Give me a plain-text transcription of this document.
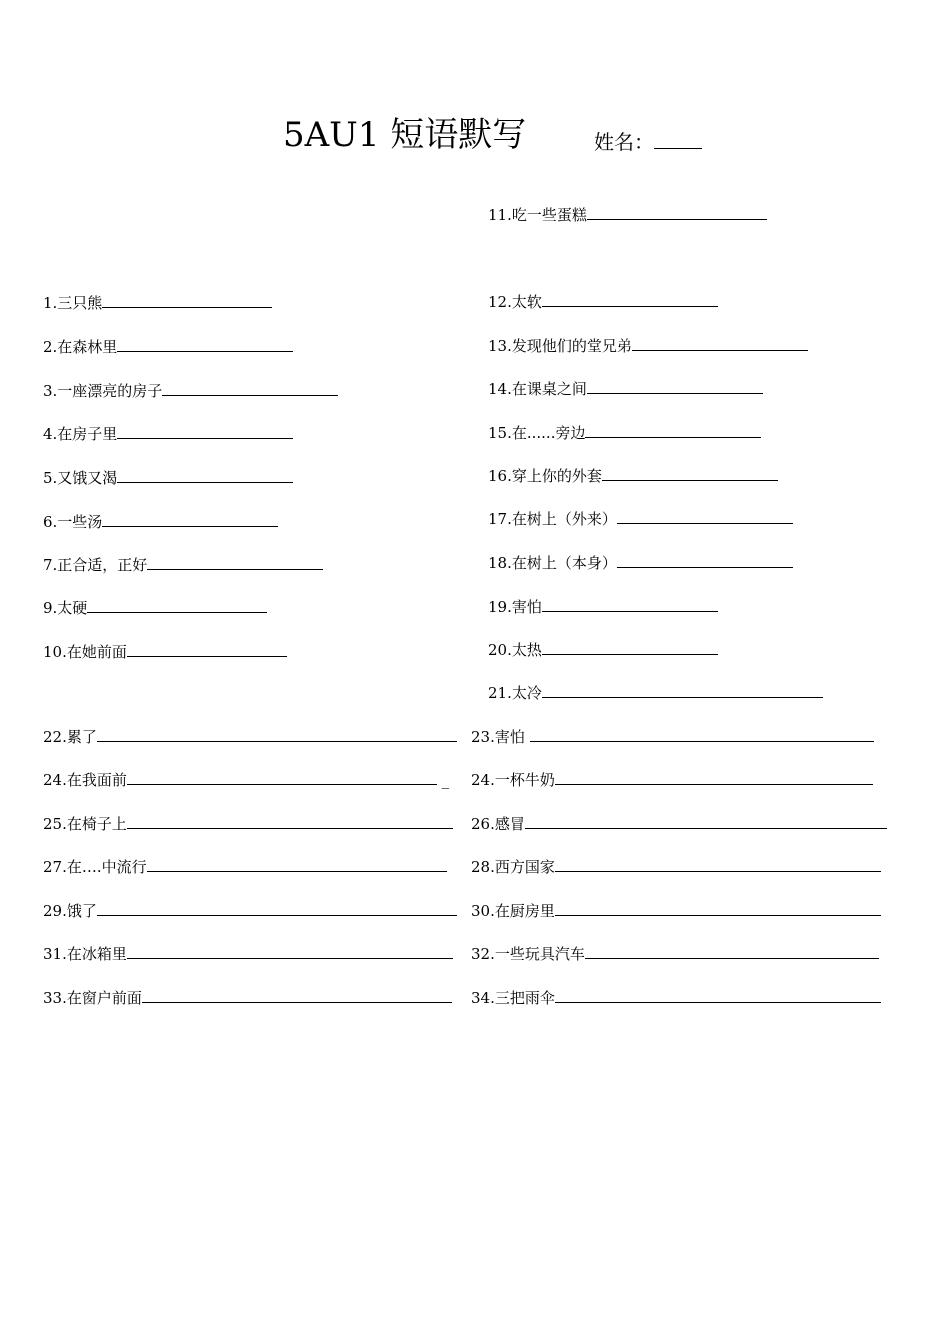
5AU1 短语默写	姓名：
1.三只熊
2.在森林里
3.一座漂亮的房子
4.在房子里
5.又饿又渴
6.一些汤
7.正合适，正好
9.太硬
10.在她前面
11.吃一些蛋糕
12.太软
13.发现他们的堂兄弟
14.在课桌之间
15.在......旁边
16.穿上你的外套
17.在树上（外来）
18.在树上（本身）
19.害怕
20.太热
21.太冷
22.累了	23.害怕
24.在我面前	_ 24.一杯牛奶
25.在椅子上	26.感冒
27.在….中流行	28.西方国家
29.饿了	30.在厨房里
31.在冰箱里	32.一些玩具汽车
33.在窗户前面	34.三把雨伞
